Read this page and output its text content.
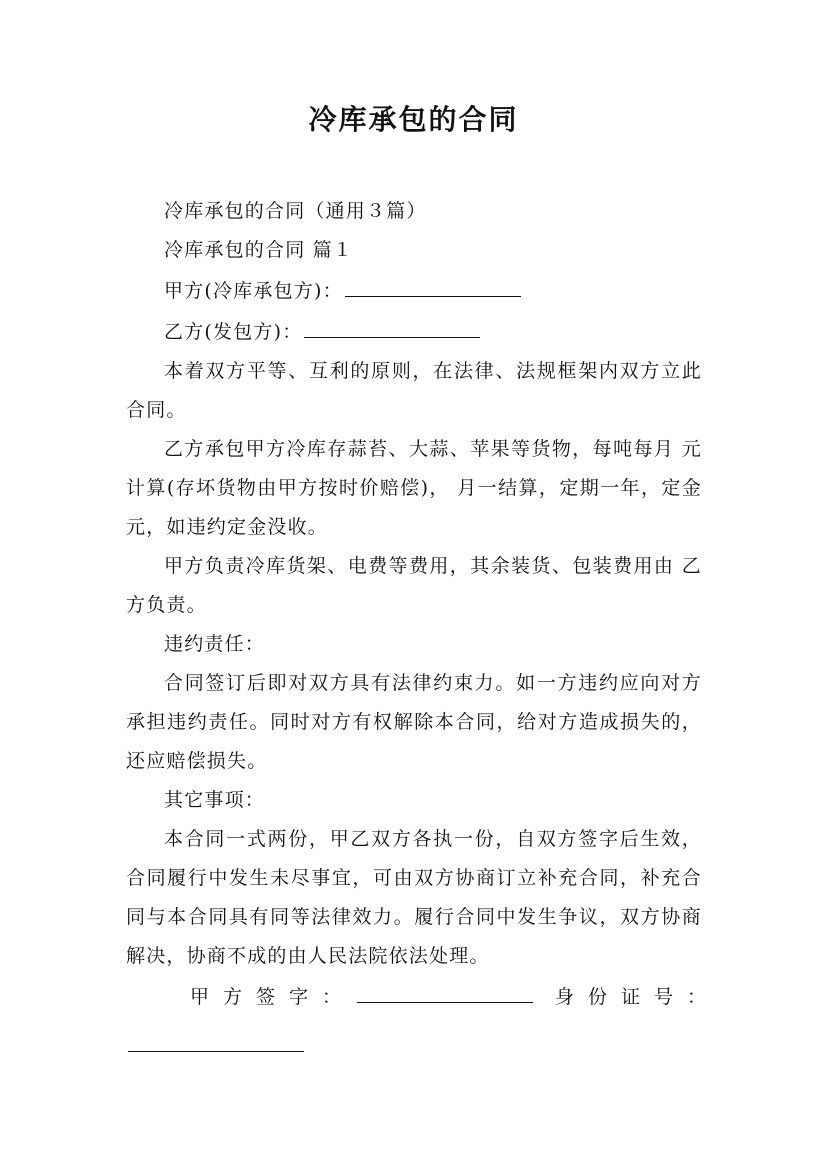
冷库承包的合同

冷库承包的合同（通用３篇）

冷库承包的合同 篇１

甲方(冷库承包方)：

乙方(发包方)：

本着双方平等、互利的原则，在法律、法规框架内双方立此合同。

乙方承包甲方冷库存蒜苔、大蒜、苹果等货物，每吨每月 元计算(存坏货物由甲方按时价赔偿)， 月一结算，定期一年，定金元，如违约定金没收。

甲方负责冷库货架、电费等费用，其余装货、包装费用由 乙方负责。

违约责任：

合同签订后即对双方具有法律约束力。如一方违约应向对方承担违约责任。同时对方有权解除本合同，给对方造成损失的，还应赔偿损失。

其它事项：

本合同一式两份，甲乙双方各执一份，自双方签字后生效，合同履行中发生未尽事宜，可由双方协商订立补充合同，补充合同与本合同具有同等法律效力。履行合同中发生争议，双方协商解决，协商不成的由人民法院依法处理。

甲方签字：	身份证号：
